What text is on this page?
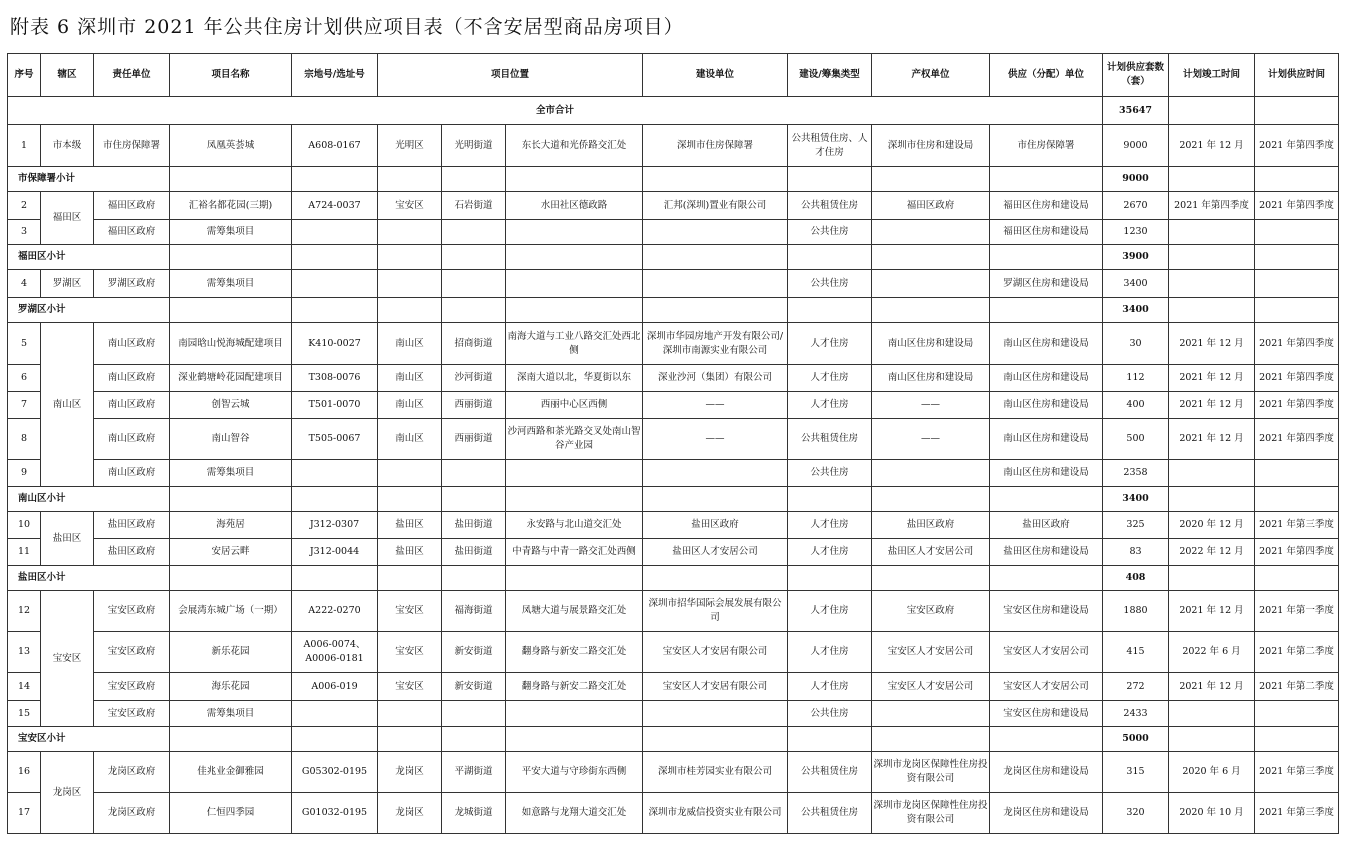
附表 6 深圳市 2021 年公共住房计划供应项目表（不含安居型商品房项目）
序号	辖区	责任单位	项目名称	宗地号/选址号	项目位置			建设单位	建设/筹集类型	产权单位	供应（分配）单位	计划供应套数（套）	计划竣工时间	计划供应时间
全市合计												35647		
1	市本级	市住房保障署	凤凰英荟城	A608-0167	光明区	光明街道	东长大道和光侨路交汇处	深圳市住房保障署	公共租赁住房、人才住房	深圳市住房和建设局	市住房保障署	9000	2021 年 12 月	2021 年第四季度
市保障署小计												9000		
2	福田区	福田区政府	汇裕名都花园(三期)	A724-0037	宝安区	石岩街道	水田社区德政路	汇邦(深圳)置业有限公司	公共租赁住房	福田区政府	福田区住房和建设局	2670	2021 年第四季度	2021 年第四季度
3		福田区政府	需筹集项目						公共住房		福田区住房和建设局	1230		
福田区小计												3900		
4	罗湖区	罗湖区政府	需筹集项目						公共住房		罗湖区住房和建设局	3400		
罗湖区小计												3400		
5	南山区	南山区政府	南园晗山悦海城配建项目	K410-0027	南山区	招商街道	南海大道与工业八路交汇处西北侧	深圳市华园房地产开发有限公司/深圳市南源实业有限公司	人才住房	南山区住房和建设局	南山区住房和建设局	30	2021 年 12 月	2021 年第四季度
6		南山区政府	深业鹤塘岭花园配建项目	T308-0076	南山区	沙河街道	深南大道以北，华夏街以东	深业沙河（集团）有限公司	人才住房	南山区住房和建设局	南山区住房和建设局	112	2021 年 12 月	2021 年第四季度
7		南山区政府	创智云城	T501-0070	南山区	西丽街道	西丽中心区西侧	——	人才住房	——	南山区住房和建设局	400	2021 年 12 月	2021 年第四季度
8		南山区政府	南山智谷	T505-0067	南山区	西丽街道	沙河西路和茶光路交叉处南山智谷产业园	——	公共租赁住房	——	南山区住房和建设局	500	2021 年 12 月	2021 年第四季度
9		南山区政府	需筹集项目						公共住房		南山区住房和建设局	2358		
南山区小计												3400		
10	盐田区	盐田区政府	海苑居	J312-0307	盐田区	盐田街道	永安路与北山道交汇处	盐田区政府	人才住房	盐田区政府	盐田区政府	325	2020 年 12 月	2021 年第三季度
11		盐田区政府	安居云畔	J312-0044	盐田区	盐田街道	中青路与中青一路交汇处西侧	盐田区人才安居公司	人才住房	盐田区人才安居公司	盐田区住房和建设局	83	2022 年 12 月	2021 年第四季度
盐田区小计												408		
12	宝安区	宝安区政府	会展湾东城广场（一期）	A222-0270	宝安区	福海街道	凤塘大道与展景路交汇处	深圳市招华国际会展发展有限公司	人才住房	宝安区政府	宝安区住房和建设局	1880	2021 年 12 月	2021 年第一季度
13		宝安区政府	新乐花园	A006-0074、A0006-0181	宝安区	新安街道	翻身路与新安二路交汇处	宝安区人才安居有限公司	人才住房	宝安区人才安居公司	宝安区人才安居公司	415	2022 年 6 月	2021 年第二季度
14		宝安区政府	海乐花园	A006-019	宝安区	新安街道	翻身路与新安二路交汇处	宝安区人才安居有限公司	人才住房	宝安区人才安居公司	宝安区人才安居公司	272	2021 年 12 月	2021 年第二季度
15		宝安区政府	需筹集项目						公共住房		宝安区住房和建设局	2433		
宝安区小计												5000		
16	龙岗区	龙岗区政府	佳兆业金御雅园	G05302-0195	龙岗区	平湖街道	平安大道与守珍街东西侧	深圳市桂芳园实业有限公司	公共租赁住房	深圳市龙岗区保障性住房投资有限公司	龙岗区住房和建设局	315	2020 年 6 月	2021 年第三季度
17		龙岗区政府	仁恒四季园	G01032-0195	龙岗区	龙城街道	如意路与龙翔大道交汇处	深圳市龙威信投资实业有限公司	公共租赁住房	深圳市龙岗区保障性住房投资有限公司	龙岗区住房和建设局	320	2020 年 10 月	2021 年第三季度
